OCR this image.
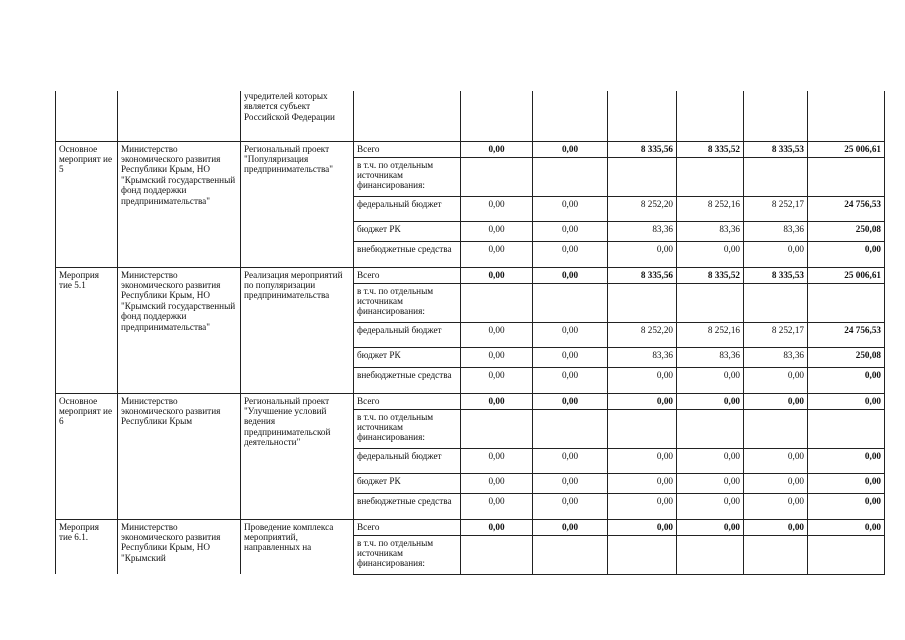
		учредителей которых является субъект Российской Федерации							
Основное мероприят ие 5	Министерство экономического развития Республики Крым, НО "Крымский государственный фонд поддержки предпринимательства"	Региональный проект "Популяризация предпринимательства"	Всего	0,00	0,00	8 335,56	8 335,52	8 335,53	25 006,61
			в т.ч. по отдельным источникам финансирования:						
			федеральный бюджет	0,00	0,00	8 252,20	8 252,16	8 252,17	24 756,53
			бюджет РК	0,00	0,00	83,36	83,36	83,36	250,08
			внебюджетные средства	0,00	0,00	0,00	0,00	0,00	0,00
Мероприя тие 5.1	Министерство экономического развития Республики Крым, НО "Крымский государственный фонд поддержки предпринимательства"	Реализация мероприятий по популяризации предпринимательства	Всего	0,00	0,00	8 335,56	8 335,52	8 335,53	25 006,61
			в т.ч. по отдельным источникам финансирования:						
			федеральный бюджет	0,00	0,00	8 252,20	8 252,16	8 252,17	24 756,53
			бюджет РК	0,00	0,00	83,36	83,36	83,36	250,08
			внебюджетные средства	0,00	0,00	0,00	0,00	0,00	0,00
Основное мероприят ие 6	Министерство экономического развития Республики Крым	Региональный проект "Улучшение условий ведения предпринимательской деятельности"	Всего	0,00	0,00	0,00	0,00	0,00	0,00
			в т.ч. по отдельным источникам финансирования:						
			федеральный бюджет	0,00	0,00	0,00	0,00	0,00	0,00
			бюджет РК	0,00	0,00	0,00	0,00	0,00	0,00
			внебюджетные средства	0,00	0,00	0,00	0,00	0,00	0,00
Мероприя тие 6.1.	Министерство экономического развития Республики Крым, НО "Крымский	Проведение комплекса мероприятий, направленных на	Всего	0,00	0,00	0,00	0,00	0,00	0,00
			в т.ч. по отдельным источникам финансирования:						
